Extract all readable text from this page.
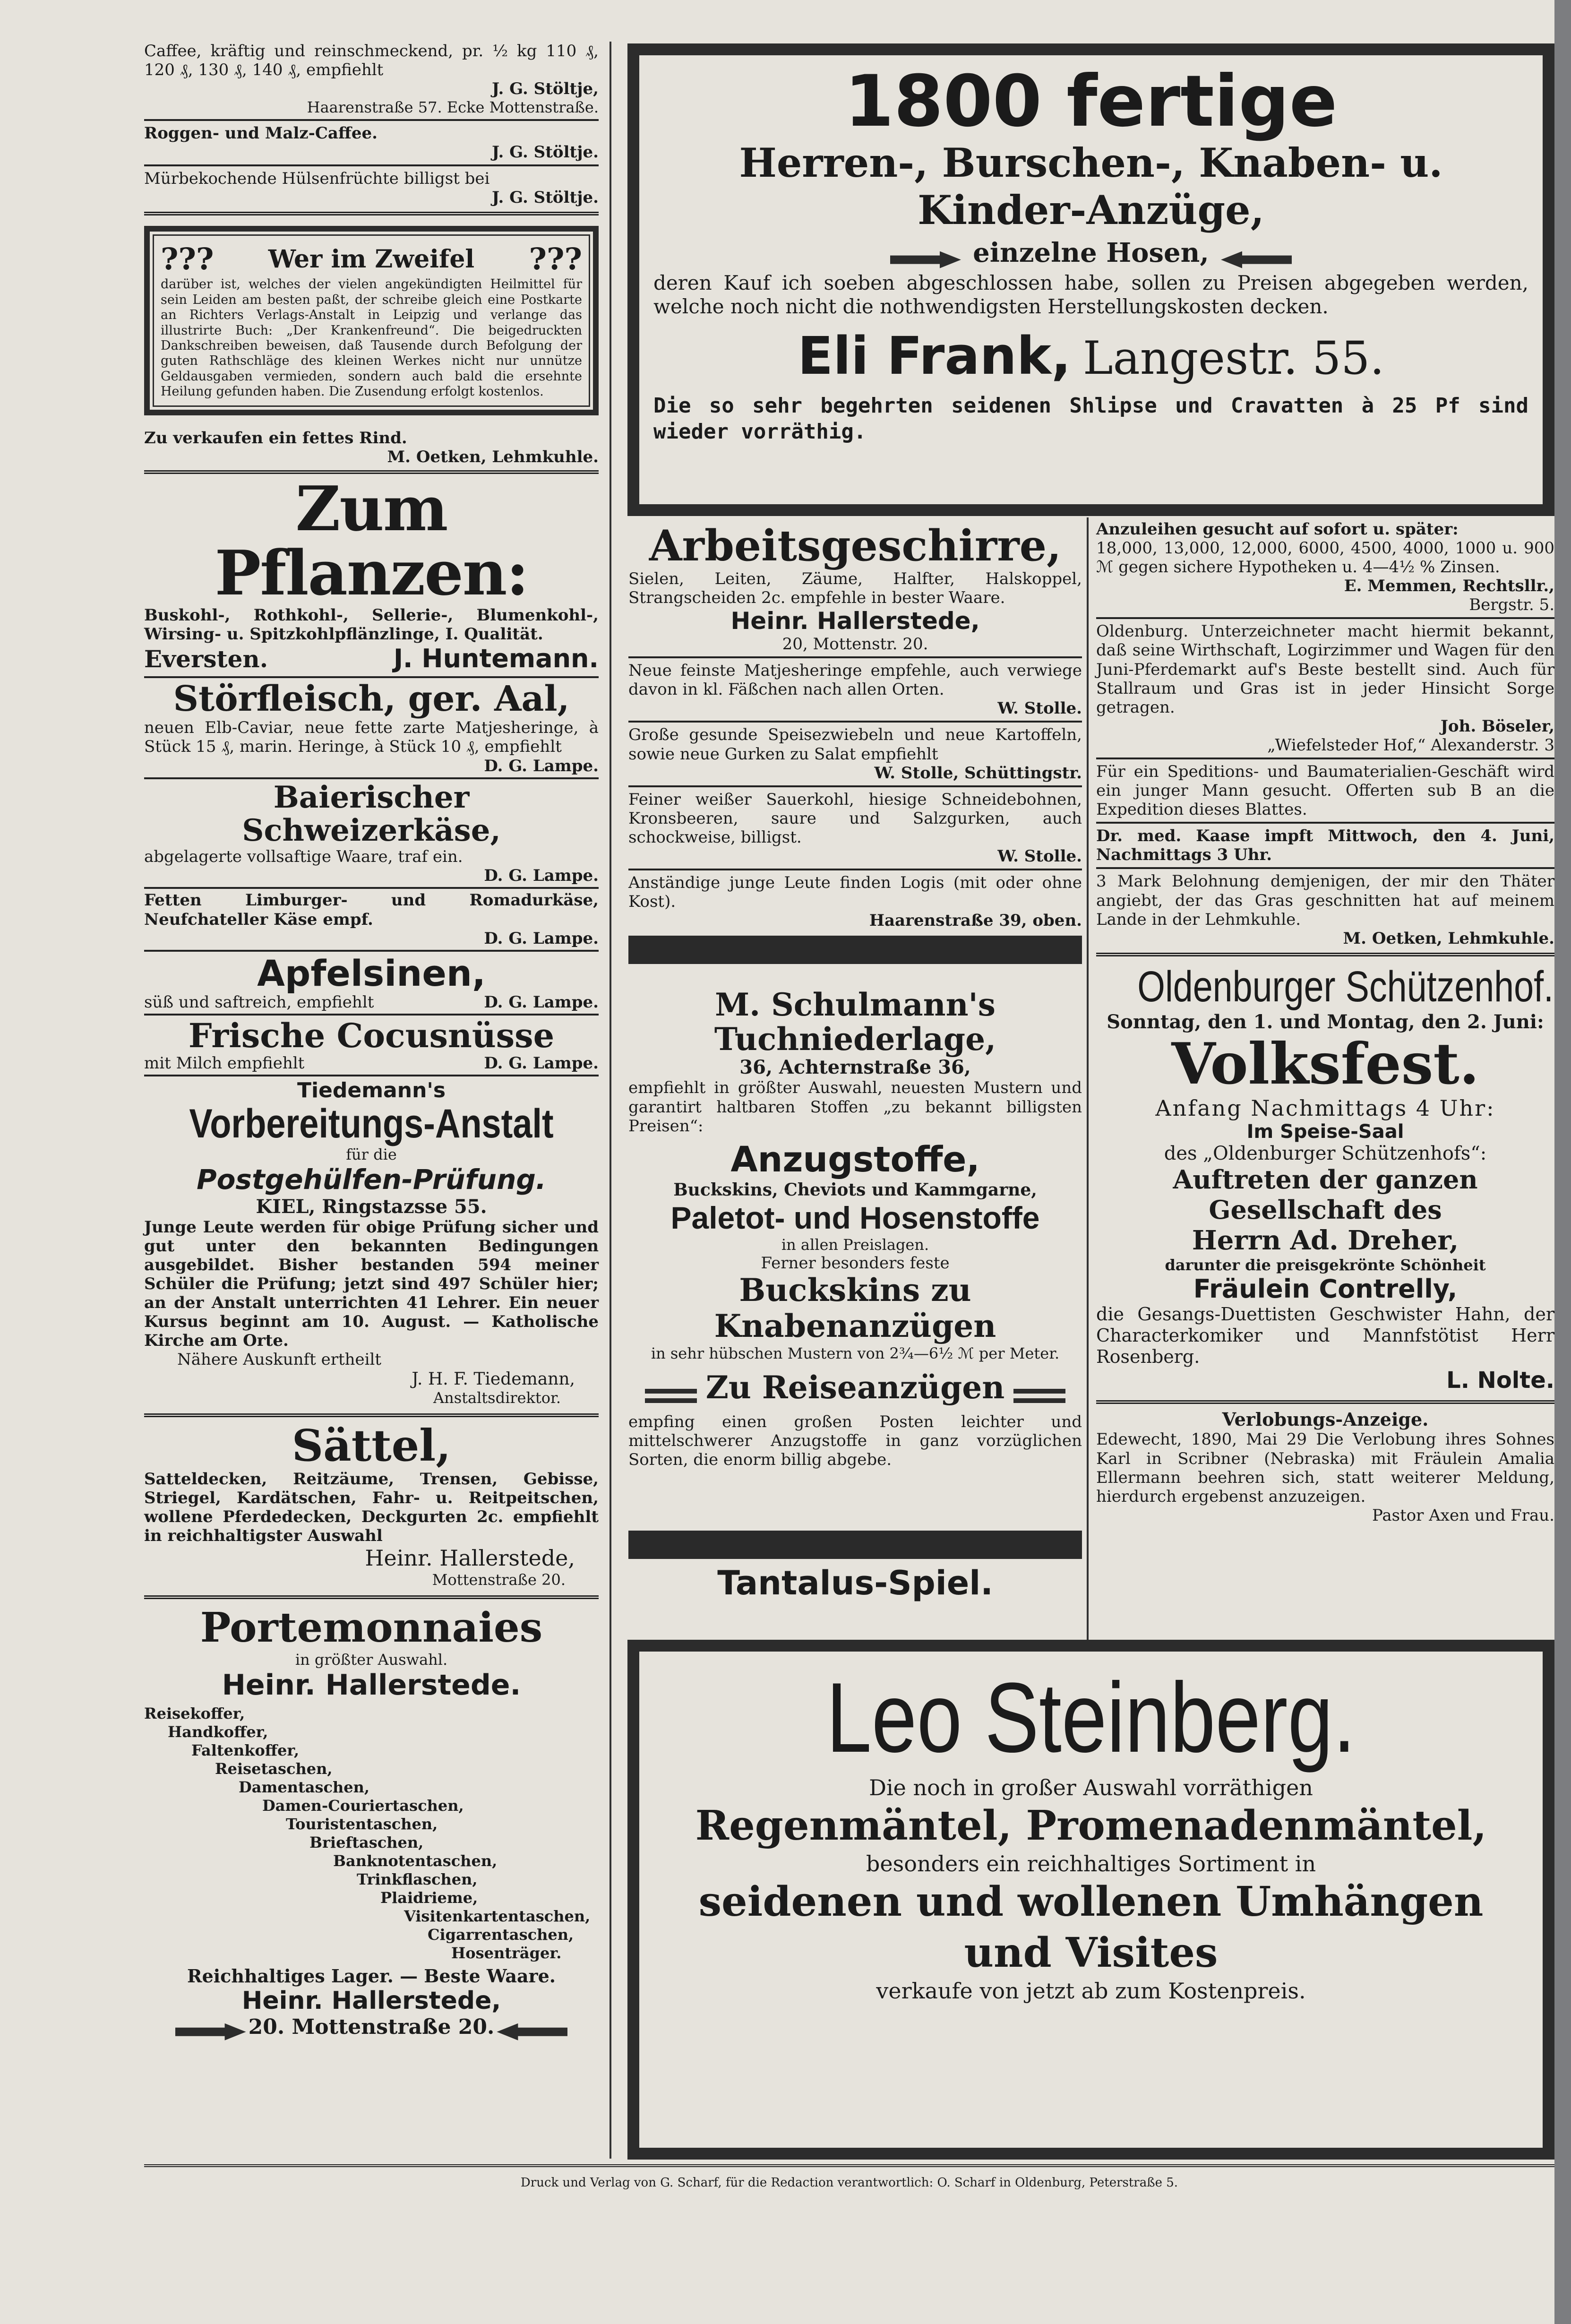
Caffee, kräftig und reinschmeckend, pr. ½ kg 110 ₰, 120 ₰, 130 ₰, 140 ₰, empfiehlt

J. G. Stöltje,

Haarenstraße 57. Ecke Mottenstraße.

Roggen- und Malz-Caffee.

J. G. Stöltje.

Mürbekochende Hülsenfrüchte billigst bei

J. G. Stöltje.

??? Wer im Zweifel ???

darüber ist, welches der vielen angekündigten Heilmittel für sein Leiden am besten paßt, der schreibe gleich eine Postkarte an Richters Verlags-Anstalt in Leipzig und verlange das illustrirte Buch: „Der Krankenfreund“. Die beigedruckten Dankschreiben beweisen, daß Tausende durch Befolgung der guten Rathschläge des kleinen Werkes nicht nur unnütze Geldausgaben vermieden, sondern auch bald die ersehnte Heilung gefunden haben. Die Zusendung erfolgt kostenlos.

Zu verkaufen ein fettes Rind.

M. Oetken, Lehmkuhle.

Zum Pflanzen:

Buskohl-, Rothkohl-, Sellerie-, Blumenkohl-, Wirsing- u. Spitzkohlpflänzlinge, I. Qualität.

Eversten.	J. Huntemann.

Störfleisch, ger. Aal,

neuen Elb-Caviar, neue fette zarte Matjesheringe, à Stück 15 ₰, marin. Heringe, à Stück 10 ₰, empfiehlt

D. G. Lampe.

Baierischer Schweizerkäse,

abgelagerte vollsaftige Waare, traf ein.

D. G. Lampe.

Fetten Limburger- und Romadurkäse, Neufchateller Käse empf.

D. G. Lampe.

Apfelsinen,

süß und saftreich, empfiehlt	D. G. Lampe.

Frische Cocusnüsse

mit Milch empfiehlt	D. G. Lampe.

Tiedemann's

Vorbereitungs-Anstalt

für die

Postgehülfen-Prüfung.

KIEL, Ringstazsse 55.

Junge Leute werden für obige Prüfung sicher und gut unter den bekannten Bedingungen ausgebildet. Bisher bestanden 594 meiner Schüler die Prüfung; jetzt sind 497 Schüler hier; an der Anstalt unterrichten 41 Lehrer. Ein neuer Kursus beginnt am 10. August. — Katholische Kirche am Orte.

Nähere Auskunft ertheilt

J. H. F. Tiedemann,

Anstaltsdirektor.

Sättel,

Satteldecken, Reitzäume, Trensen, Gebisse, Striegel, Kardätschen, Fahr- u. Reitpeitschen, wollene Pferdedecken, Deckgurten 2c. empfiehlt in reichhaltigster Auswahl

Heinr. Hallerstede,

Mottenstraße 20.

Portemonnaies

in größter Auswahl.

Heinr. Hallerstede.

Reisekoffer,
Handkoffer,
Faltenkoffer,
Reisetaschen,
Damentaschen,
Damen-Couriertaschen,
Touristentaschen,
Brieftaschen,
Banknotentaschen,
Trinkflaschen,
Plaidrieme,
Visitenkartentaschen,
Cigarrentaschen,
Hosenträger.

Reichhaltiges Lager. — Beste Waare.

Heinr. Hallerstede,

20. Mottenstraße 20.

1800 fertige

Herren-, Burschen-, Knaben- u. Kinder-Anzüge,

einzelne Hosen,

deren Kauf ich soeben abgeschlossen habe, sollen zu Preisen abgegeben werden, welche noch nicht die nothwendigsten Herstellungskosten decken.

Eli Frank, Langestr. 55.

Die so sehr begehrten seidenen Shlipse und Cravatten à 25 Pf sind wieder vorräthig.

Arbeitsgeschirre,

Sielen, Leiten, Zäume, Halfter, Halskoppel, Strangscheiden 2c. empfehle in bester Waare.

Heinr. Hallerstede,

20, Mottenstr. 20.

Neue feinste Matjesheringe empfehle, auch verwiege davon in kl. Fäßchen nach allen Orten.

W. Stolle.

Große gesunde Speisezwiebeln und neue Kartoffeln, sowie neue Gurken zu Salat empfiehlt

W. Stolle, Schüttingstr.

Feiner weißer Sauerkohl, hiesige Schneidebohnen, Kronsbeeren, saure und Salzgurken, auch schockweise, billigst.

W. Stolle.

Anständige junge Leute finden Logis (mit oder ohne Kost).

Haarenstraße 39, oben.

M. Schulmann's Tuchniederlage,

36, Achternstraße 36,

empfiehlt in größter Auswahl, neuesten Mustern und garantirt haltbaren Stoffen „zu bekannt billigsten Preisen“:

Anzugstoffe,

Buckskins, Cheviots und Kammgarne,

Paletot- und Hosenstoffe

in allen Preislagen.

Ferner besonders feste

Buckskins zu Knabenanzügen

in sehr hübschen Mustern von 2¾—6½ ℳ per Meter.

Zu Reiseanzügen

empfing einen großen Posten leichter und mittelschwerer Anzugstoffe in ganz vorzüglichen Sorten, die enorm billig abgebe.

Tantalus-Spiel.

Anzuleihen gesucht auf sofort u. später:

18,000, 13,000, 12,000, 6000, 4500, 4000, 1000 u. 900 ℳ gegen sichere Hypotheken u. 4—4½ % Zinsen.

E. Memmen, Rechtsllr.,

Bergstr. 5.

Oldenburg. Unterzeichneter macht hiermit bekannt, daß seine Wirthschaft, Logirzimmer und Wagen für den Juni-Pferdemarkt auf's Beste bestellt sind. Auch für Stallraum und Gras ist in jeder Hinsicht Sorge getragen.

Joh. Böseler,

„Wiefelsteder Hof,“ Alexanderstr. 3

Für ein Speditions- und Baumaterialien-Geschäft wird ein junger Mann gesucht. Offerten sub B an die Expedition dieses Blattes.

Dr. med. Kaase impft Mittwoch, den 4. Juni, Nachmittags 3 Uhr.

3 Mark Belohnung demjenigen, der mir den Thäter angiebt, der das Gras geschnitten hat auf meinem Lande in der Lehmkuhle.

M. Oetken, Lehmkuhle.

Oldenburger Schützenhof.

Sonntag, den 1. und Montag, den 2. Juni:

Volksfest.

Anfang Nachmittags 4 Uhr:

Im Speise-Saal

des „Oldenburger Schützenhofs“:

Auftreten der ganzen Gesellschaft des

Herrn Ad. Dreher,

darunter die preisgekrönte Schönheit

Fräulein Contrelly,

die Gesangs-Duettisten Geschwister Hahn, der Characterkomiker und Mannfstötist Herr Rosenberg.

L. Nolte.

Verlobungs-Anzeige.

Edewecht, 1890, Mai 29 Die Verlobung ihres Sohnes Karl in Scribner (Nebraska) mit Fräulein Amalia Ellermann beehren sich, statt weiterer Meldung, hierdurch ergebenst anzuzeigen.

Pastor Axen und Frau.

Leo Steinberg.

Die noch in großer Auswahl vorräthigen

Regenmäntel, Promenadenmäntel,

besonders ein reichhaltiges Sortiment in

seidenen und wollenen Umhängen

und Visites

verkaufe von jetzt ab zum Kostenpreis.

Druck und Verlag von G. Scharf, für die Redaction verantwortlich: O. Scharf in Oldenburg, Peterstraße 5.
